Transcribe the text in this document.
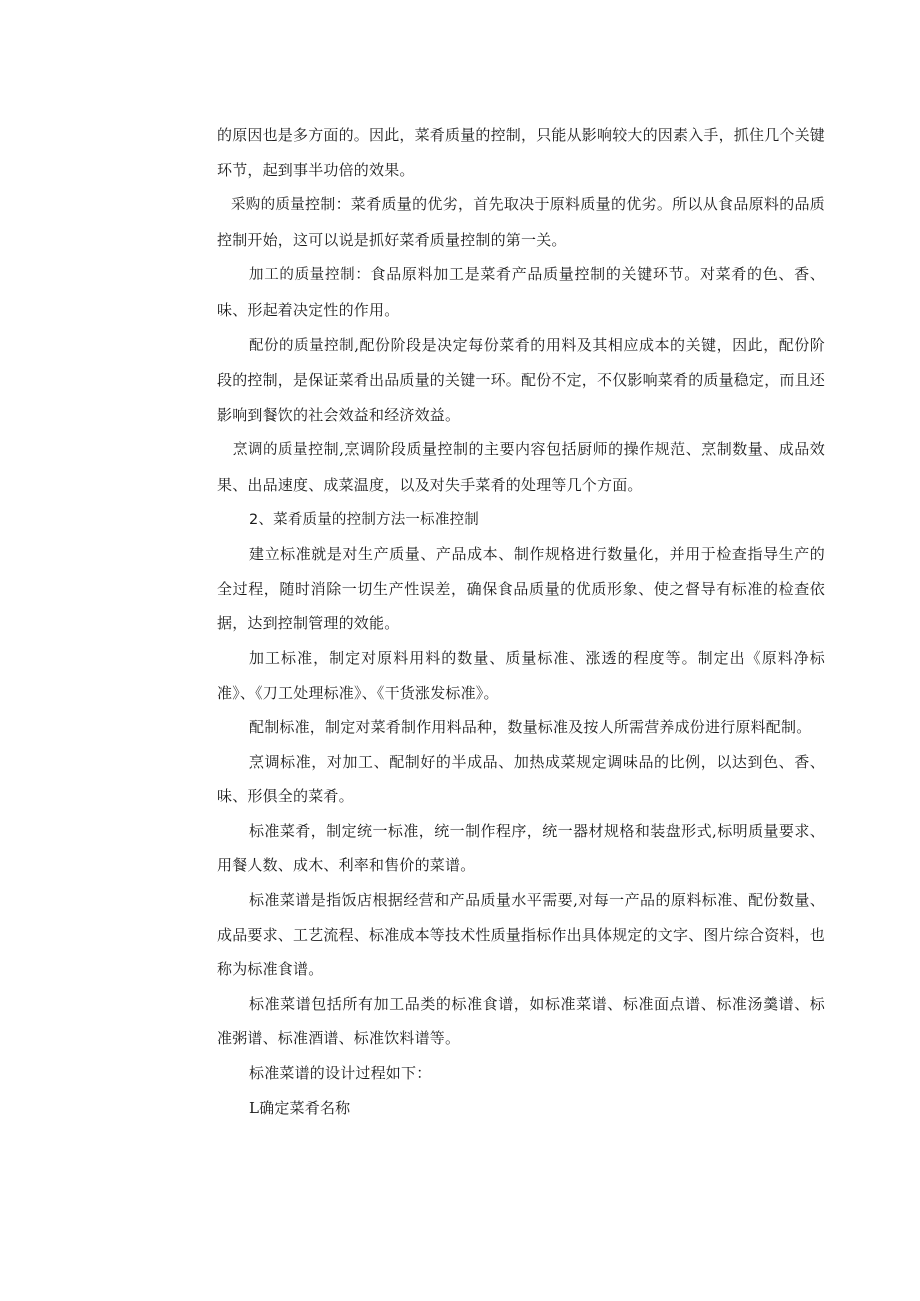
的原因也是多方面的。因此，菜肴质量的控制，只能从影响较大的因素入手，抓住几个关键环节，起到事半功倍的效果。

采购的质量控制：菜肴质量的优劣，首先取决于原料质量的优劣。所以从食品原料的品质控制开始，这可以说是抓好菜肴质量控制的第一关。

加工的质量控制：食品原料加工是菜肴产品质量控制的关键环节。对菜肴的色、香、味、形起着决定性的作用。

配份的质量控制,配份阶段是决定每份菜肴的用料及其相应成本的关键，因此，配份阶段的控制，是保证菜肴出品质量的关键一环。配份不定，不仅影响菜肴的质量稳定，而且还影响到餐饮的社会效益和经济效益。

烹调的质量控制,烹调阶段质量控制的主要内容包括厨师的操作规范、烹制数量、成品效果、出品速度、成菜温度，以及对失手菜肴的处理等几个方面。

2、菜肴质量的控制方法一标准控制

建立标准就是对生产质量、产品成本、制作规格进行数量化，并用于检查指导生产的全过程，随时消除一切生产性误差，确保食品质量的优质形象、使之督导有标准的检查依据，达到控制管理的效能。

加工标准，制定对原料用料的数量、质量标准、涨透的程度等。制定出《原料净标准》、《刀工处理标准》、《干货涨发标准》。

配制标准，制定对菜肴制作用料品种，数量标准及按人所需营养成份进行原料配制。

烹调标准，对加工、配制好的半成品、加热成菜规定调味品的比例，以达到色、香、味、形俱全的菜肴。

标准菜肴，制定统一标准，统一制作程序，统一器材规格和装盘形式,标明质量要求、用餐人数、成木、利率和售价的菜谱。

标准菜谱是指饭店根据经营和产品质量水平需要,对每一产品的原料标准、配份数量、成品要求、工艺流程、标准成本等技术性质量指标作出具体规定的文字、图片综合资料，也称为标准食谱。

标准菜谱包括所有加工品类的标准食谱，如标准菜谱、标准面点谱、标准汤羹谱、标准粥谱、标准酒谱、标准饮料谱等。

标准菜谱的设计过程如下：

L确定菜肴名称
